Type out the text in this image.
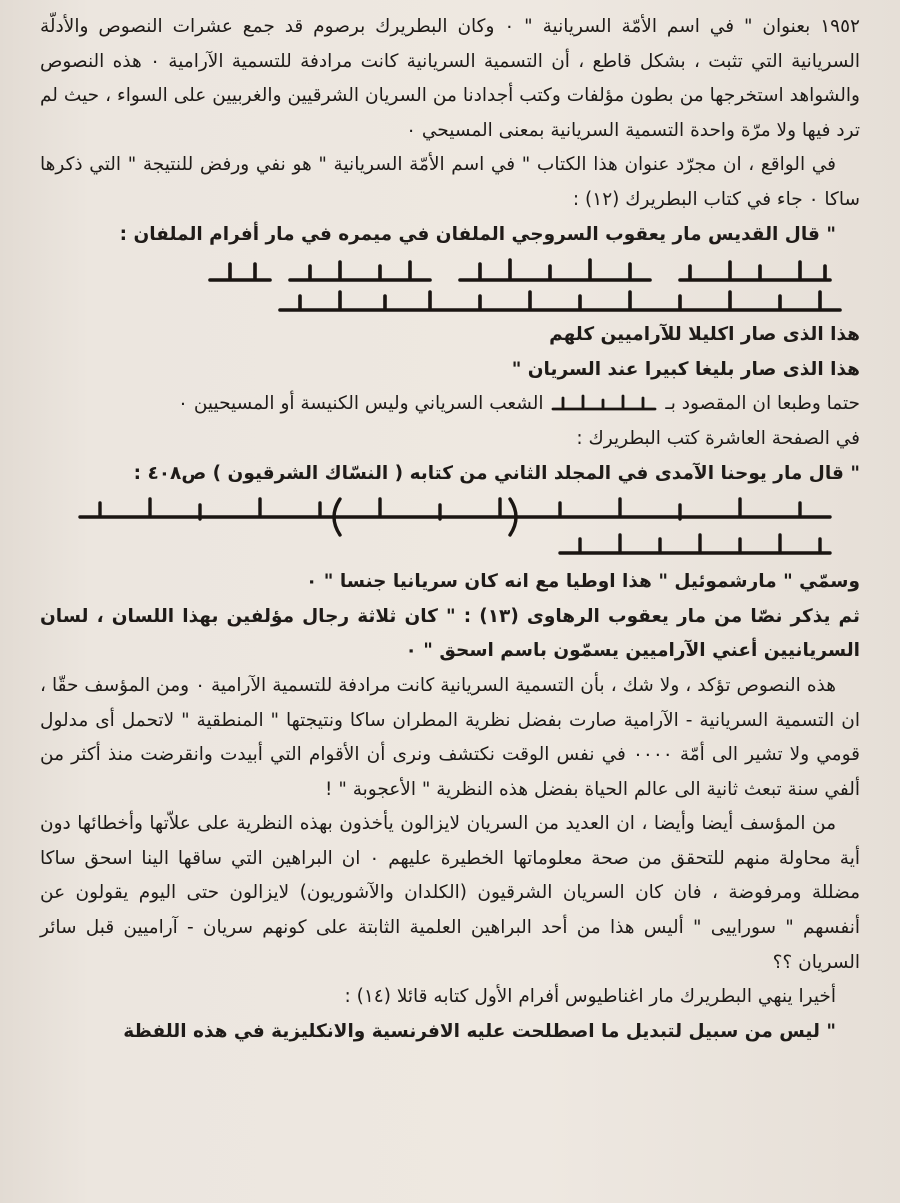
١٩٥٢ بعنوان " في اسم الأمّة السريانية " ٠ وكان البطريرك برصوم قد جمع عشرات النصوص والأدلّة السريانية التي تثبت ، بشكل قاطع ، أن التسمية السريانية كانت مرادفة للتسمية الآرامية ٠ هذه النصوص والشواهد استخرجها من بطون مؤلفات وكتب أجدادنا من السريان الشرقيين والغربيين على السواء ، حيث لم ترد فيها ولا مرّة واحدة التسمية السريانية بمعنى المسيحي ٠

في الواقع ، ان مجرّد عنوان هذا الكتاب " في اسم الأمّة السريانية " هو نفي ورفض للنتيجة " التي ذكرها ساكا ٠ جاء في كتاب البطريرك (١٢) :

" قال القديس مار يعقوب السروجي الملفان في ميمره في مار أفرام الملفان :

هذا الذى صار اكليلا للآراميين كلهم

هذا الذى صار بليغا كبيرا عند السريان "

حتما وطبعا ان المقصود بـ  الشعب السرياني وليس الكنيسة أو المسيحيين ٠

في الصفحة العاشرة كتب البطريرك :

" قال مار يوحنا الآمدى في المجلد الثاني من كتابه ( النسّاك الشرقيون ) ص٤٠٨ :

وسمّي " مارشموئيل " هذا اوطيا مع انه كان سريانيا جنسا " ٠

ثم يذكر نصّا من مار يعقوب الرهاوى (١٣) : " كان ثلاثة رجال مؤلفين بهذا اللسان ، لسان السريانيين أعني الآراميين يسمّون باسم اسحق " ٠

هذه النصوص تؤكد ، ولا شك ، بأن التسمية السريانية كانت مرادفة للتسمية الآرامية ٠ ومن المؤسف حقّا ، ان التسمية السريانية - الآرامية صارت بفضل نظرية المطران ساكا ونتيجتها " المنطقية " لاتحمل أى مدلول قومي ولا تشير الى أمّة ٠٠٠٠ في نفس الوقت نكتشف ونرى أن الأقوام التي أبيدت وانقرضت منذ أكثر من ألفي سنة تبعث ثانية الى عالم الحياة بفضل هذه النظرية " الأعجوبة " !

من المؤسف أيضا وأيضا ، ان العديد من السريان لايزالون يأخذون بهذه النظرية على علاّتها وأخطائها دون أية محاولة منهم للتحقق من صحة معلوماتها الخطيرة عليهم ٠ ان البراهين التي ساقها الينا اسحق ساكا مضللة ومرفوضة ، فان كان السريان الشرقيون (الكلدان والآشوريون) لايزالون حتى اليوم يقولون عن أنفسهم " سوراييى " أليس هذا من أحد البراهين العلمية الثابتة على كونهم سريان - آراميين قبل سائر السريان ؟؟

أخيرا ينهي البطريرك مار اغناطيوس أفرام الأول كتابه قائلا (١٤) :

" ليس من سبيل لتبديل ما اصطلحت عليه الافرنسية والانكليزية في هذه اللفظة
